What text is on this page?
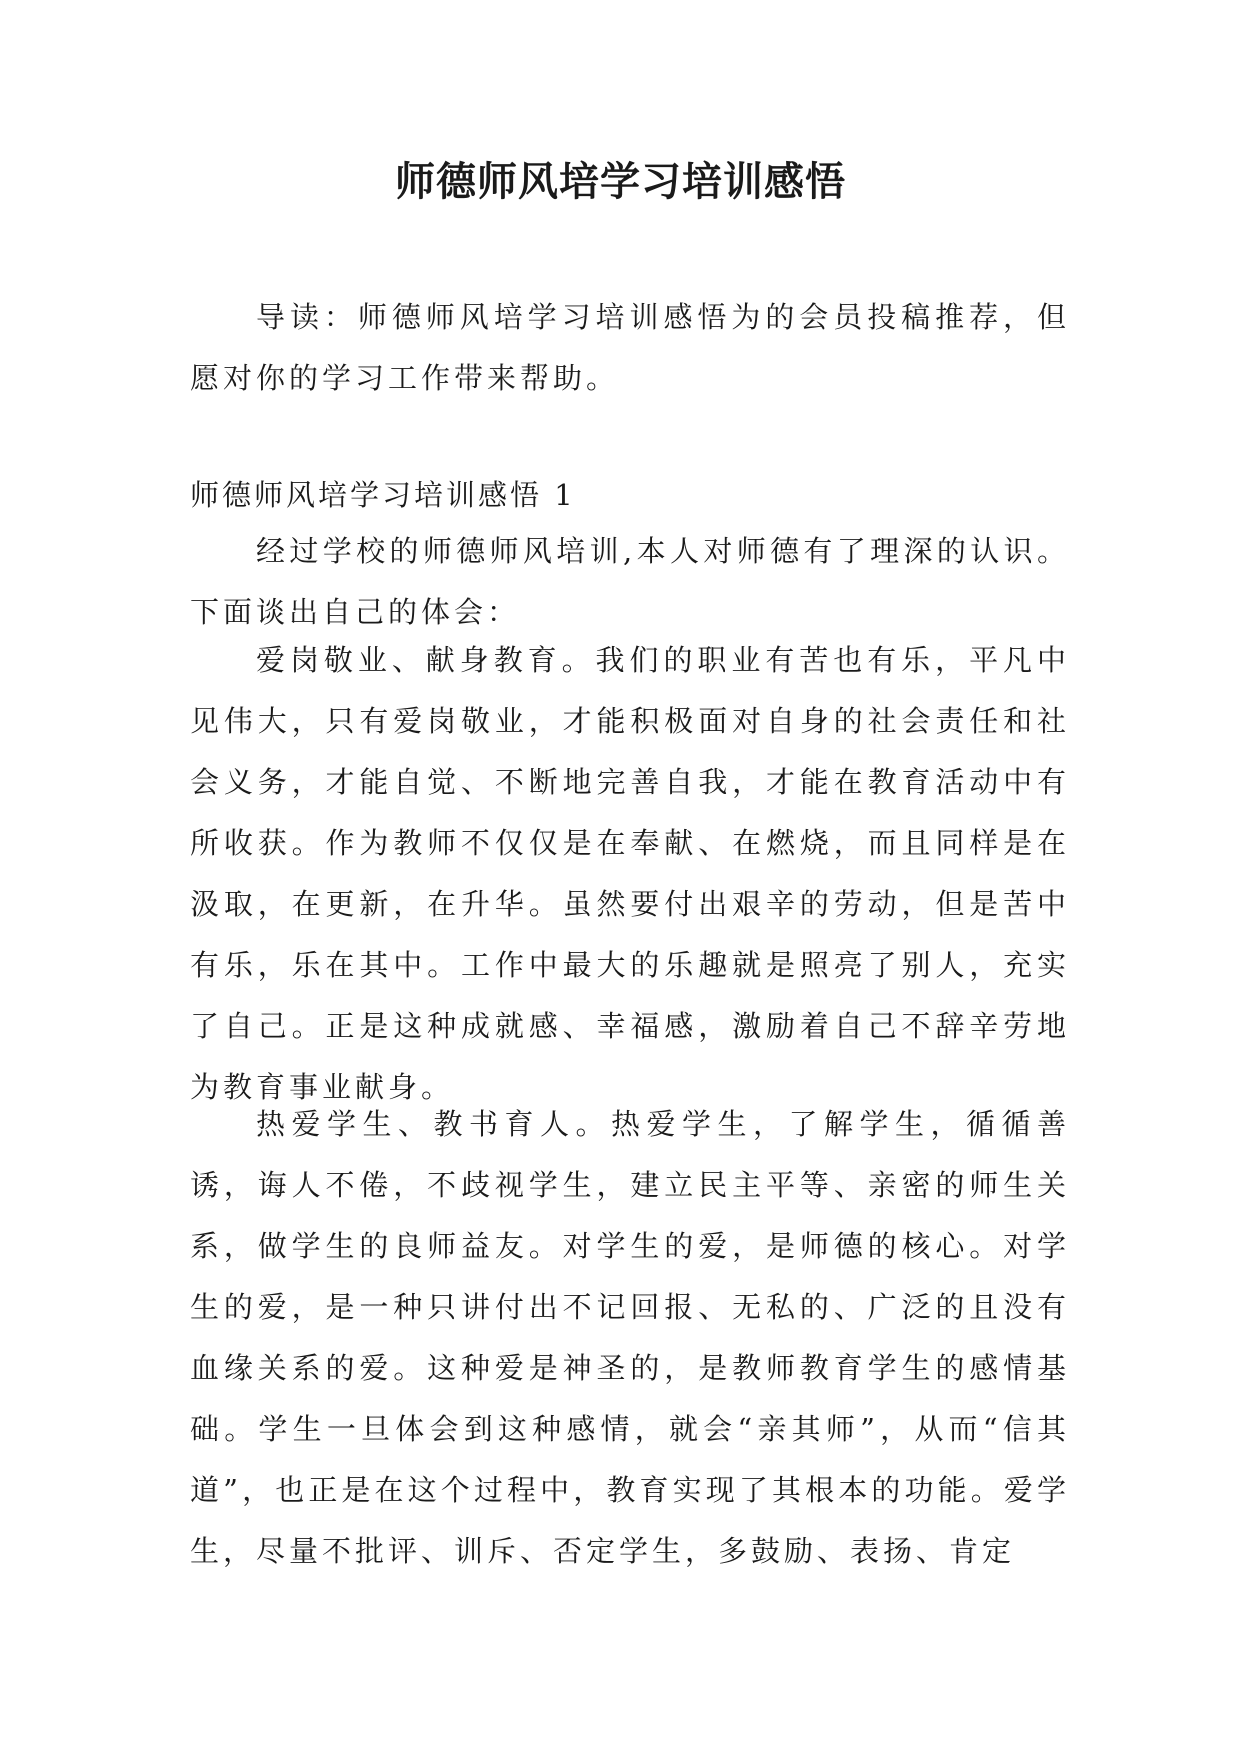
师德师风培学习培训感悟

导读：师德师风培学习培训感悟为的会员投稿推荐，但愿对你的学习工作带来帮助。

师德师风培学习培训感悟 1

经过学校的师德师风培训,本人对师德有了理深的认识。下面谈出自己的体会：

爱岗敬业、献身教育。我们的职业有苦也有乐，平凡中见伟大，只有爱岗敬业，才能积极面对自身的社会责任和社会义务，才能自觉、不断地完善自我，才能在教育活动中有所收获。作为教师不仅仅是在奉献、在燃烧，而且同样是在汲取，在更新，在升华。虽然要付出艰辛的劳动，但是苦中有乐，乐在其中。工作中最大的乐趣就是照亮了别人，充实了自己。正是这种成就感、幸福感，激励着自己不辞辛劳地为教育事业献身。

热爱学生、教书育人。热爱学生，了解学生，循循善诱，诲人不倦，不歧视学生，建立民主平等、亲密的师生关系，做学生的良师益友。对学生的爱，是师德的核心。对学生的爱，是一种只讲付出不记回报、无私的、广泛的且没有血缘关系的爱。这种爱是神圣的，是教师教育学生的感情基础。学生一旦体会到这种感情，就会“亲其师”，从而“信其道”，也正是在这个过程中，教育实现了其根本的功能。爱学生，尽量不批评、训斥、否定学生，多鼓励、表扬、肯定
